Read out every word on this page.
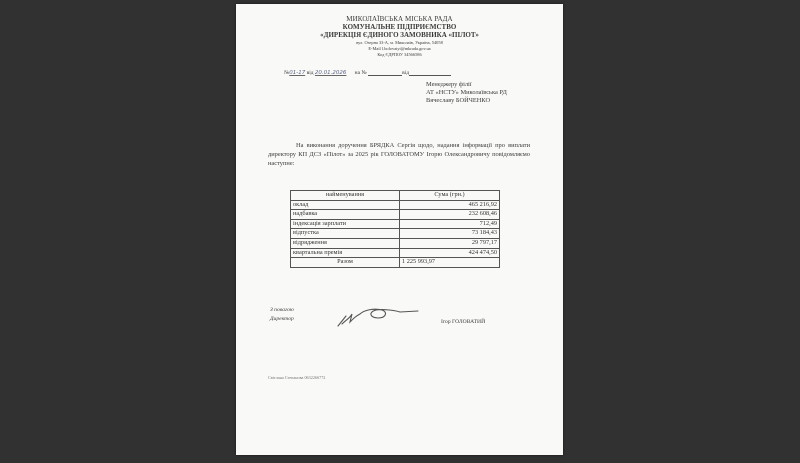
МИКОЛАЇВСЬКА МІСЬКА РАДА
КОМУНАЛЬНЕ ПІДПРИЄМСТВО
«ДИРЕКЦІЯ ЄДИНОГО ЗАМОВНИКА «ПІЛОТ»
вул. Озерна 33-А, м. Миколаїв, Україна, 54058
E-Mail l.holovatyi@mkrada.gov.ua
Код ЄДРПОУ 34566586
№01-17 від 20.01.2026 на №	від
Менеджеру філії
АТ «НСТУ» Миколаївська РД
Вячеславу БОЙЧЕНКО
На виконання доручення БРЯДКА Сергія щодо, надання інформації про виплати директору КП ДСЗ «Пілот» за 2025 рік ГОЛОВАТОМУ Ігорю Олександровичу повідомляємо наступне:
найменування	Сума (грн.)
оклад	465 216,92
надбавка	232 608,46
індексація зарплати	712,49
відпустка	73 184,43
відрядження	29 797,17
квартальна премія	424 474,50
Разом	1 225 993,97
З повагою
Директор	Ігор ГОЛОВАТИЙ
Світлана Степанова 0632266772
